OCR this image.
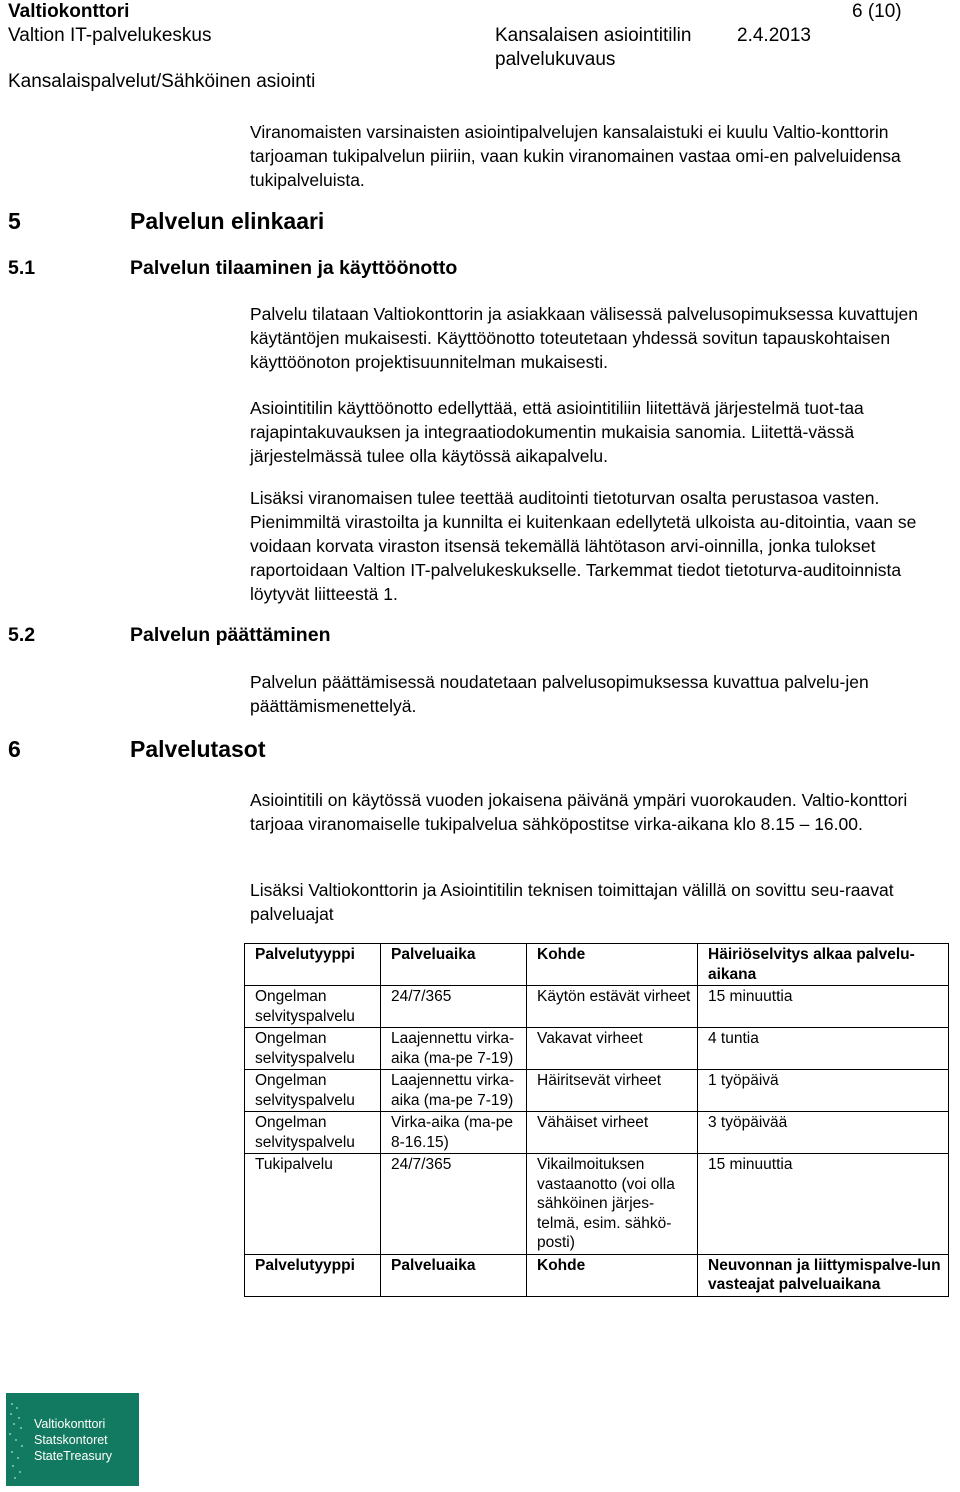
Valtiokonttori
Valtion IT-palvelukeskus
Kansalaispalvelut/Sähköinen asiointi
Kansalaisen asiointitilin
palvelukuvaus
2.4.2013
6 (10)

Viranomaisten varsinaisten asiointipalvelujen kansalaistuki ei kuulu Valtio-konttorin tarjoaman tukipalvelun piiriin, vaan kukin viranomainen vastaa omi-en palveluidensa tukipalveluista.

5	Palvelun elinkaari
5.1	Palvelun tilaaminen ja käyttöönotto
5.2	Palvelun päättäminen
6	Palvelutasot

Palvelu tilataan Valtiokonttorin ja asiakkaan välisessä palvelusopimuksessa kuvattujen käytäntöjen mukaisesti. Käyttöönotto toteutetaan yhdessä sovitun tapauskohtaisen käyttöönoton projektisuunnitelman mukaisesti.

Asiointitilin käyttöönotto edellyttää, että asiointitiliin liitettävä järjestelmä tuot-taa rajapintakuvauksen ja integraatiodokumentin mukaisia sanomia. Liitettä-vässä järjestelmässä tulee olla käytössä aikapalvelu.

Lisäksi viranomaisen tulee teettää auditointi tietoturvan osalta perustasoa vasten. Pienimmiltä virastoilta ja kunnilta ei kuitenkaan edellytetä ulkoista au-ditointia, vaan se voidaan korvata viraston itsensä tekemällä lähtötason arvi-oinnilla, jonka tulokset raportoidaan Valtion IT-palvelukeskukselle. Tarkemmat tiedot tietoturva-auditoinnista löytyvät liitteestä 1.

Palvelun päättämisessä noudatetaan palvelusopimuksessa kuvattua palvelu-jen päättämismenettelyä.

Asiointitili on käytössä vuoden jokaisena päivänä ympäri vuorokauden. Valtio-konttori tarjoaa viranomaiselle tukipalvelua sähköpostitse virka-aikana klo 8.15 – 16.00.

Lisäksi Valtiokonttorin ja Asiointitilin teknisen toimittajan välillä on sovittu seu-raavat palveluajat

Palvelutyyppi	Palveluaika	Kohde	Häiriöselvitys alkaa palvelu-aikana
Ongelman selvityspalvelu	24/7/365	Käytön estävät virheet	15 minuuttia
Ongelman selvityspalvelu	Laajennettu virka-aika (ma-pe 7-19)	Vakavat virheet	4 tuntia
Ongelman selvityspalvelu	Laajennettu virka-aika (ma-pe 7-19)	Häiritsevät virheet	1 työpäivä
Ongelman selvityspalvelu	Virka-aika (ma-pe 8-16.15)	Vähäiset virheet	3 työpäivää
Tukipalvelu	24/7/365	Vikailmoituksen vastaanotto (voi olla sähköinen järjes-telmä, esim. sähkö-posti)	15 minuuttia
Palvelutyyppi	Palveluaika	Kohde	Neuvonnan ja liittymispalve-lun vasteajat palveluaikana
Valtiokonttori
Statskontoret
StateTreasury
